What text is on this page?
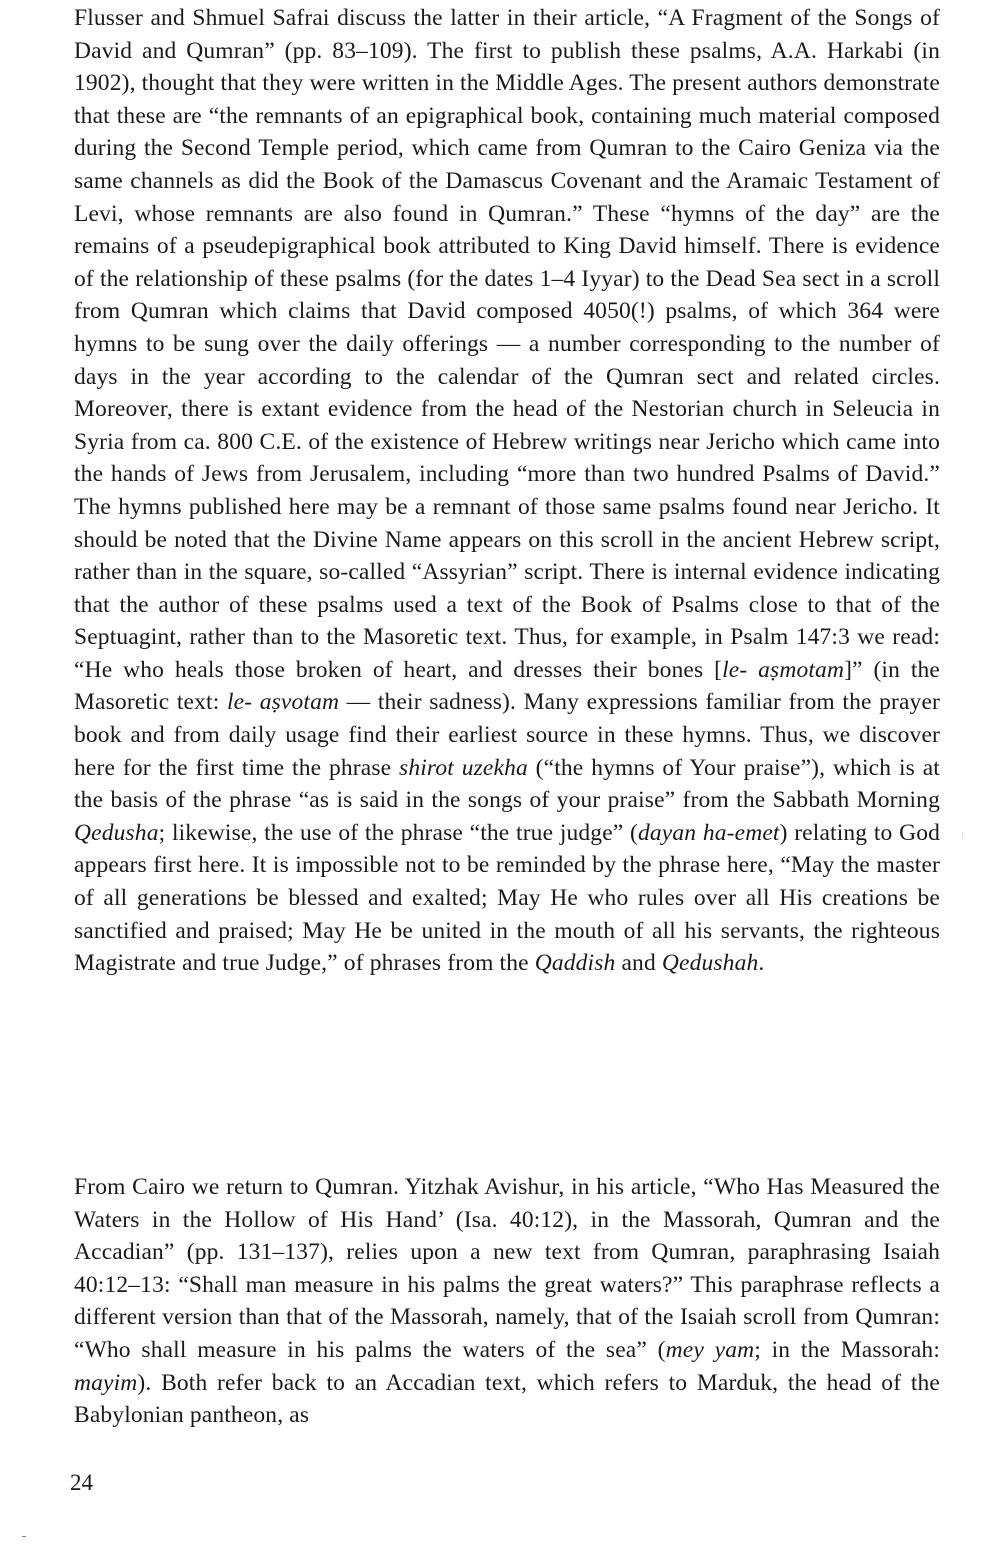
Flusser and Shmuel Safrai discuss the latter in their article, “A Fragment of the Songs of David and Qumran” (pp. 83–109). The first to publish these psalms, A.A. Harkabi (in 1902), thought that they were written in the Middle Ages. The present authors demonstrate that these are “the remnants of an epigraphical book, containing much material composed during the Second Temple period, which came from Qumran to the Cairo Geniza via the same channels as did the Book of the Damascus Covenant and the Aramaic Testament of Levi, whose remnants are also found in Qumran.” These “hymns of the day” are the remains of a pseudepigraphical book attributed to King David himself. There is evidence of the relationship of these psalms (for the dates 1–4 Iyyar) to the Dead Sea sect in a scroll from Qumran which claims that David composed 4050(!) psalms, of which 364 were hymns to be sung over the daily offerings — a number corresponding to the number of days in the year according to the calendar of the Qumran sect and related circles. Moreover, there is extant evidence from the head of the Nestorian church in Seleucia in Syria from ca. 800 C.E. of the existence of Hebrew writings near Jericho which came into the hands of Jews from Jerusalem, including “more than two hundred Psalms of David.” The hymns published here may be a remnant of those same psalms found near Jericho. It should be noted that the Divine Name appears on this scroll in the ancient Hebrew script, rather than in the square, so-called “Assyrian” script. There is internal evidence indicating that the author of these psalms used a text of the Book of Psalms close to that of the Septuagint, rather than to the Masoretic text. Thus, for example, in Psalm 147:3 we read: “He who heals those broken of heart, and dresses their bones [le- aṣmotam]” (in the Masoretic text: le- aṣvotam — their sadness). Many expressions familiar from the prayer book and from daily usage find their earliest source in these hymns. Thus, we discover here for the first time the phrase shirot uzekha (“the hymns of Your praise”), which is at the basis of the phrase “as is said in the songs of your praise” from the Sabbath Morning Qedusha; likewise, the use of the phrase “the true judge” (dayan ha-emet) relating to God appears first here. It is impossible not to be reminded by the phrase here, “May the master of all generations be blessed and exalted; May He who rules over all His creations be sanctified and praised; May He be united in the mouth of all his servants, the righteous Magistrate and true Judge,” of phrases from the Qaddish and Qedushah.

From Cairo we return to Qumran. Yitzhak Avishur, in his article, “Who Has Measured the Waters in the Hollow of His Hand’ (Isa. 40:12), in the Massorah, Qumran and the Accadian” (pp. 131–137), relies upon a new text from Qumran, paraphrasing Isaiah 40:12–13: “Shall man measure in his palms the great waters?” This paraphrase reflects a different version than that of the Massorah, namely, that of the Isaiah scroll from Qumran: “Who shall measure in his palms the waters of the sea” (mey yam; in the Massorah: mayim). Both refer back to an Accadian text, which refers to Marduk, the head of the Babylonian pantheon, as

24
